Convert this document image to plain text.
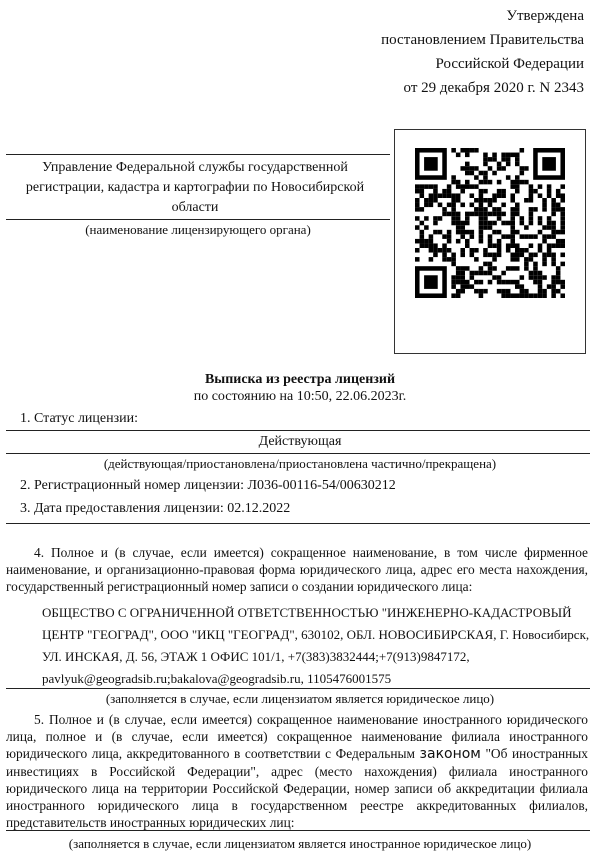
Утверждена
постановлением Правительства
Российской Федерации
от 29 декабря 2020 г. N 2343
Управление Федеральной службы государственной
регистрации, кадастра и картографии по Новосибирской
области
(наименование лицензирующего органа)
Выписка из реестра лицензий
по состоянию на 10:50, 22.06.2023г.
1. Статус лицензии:
Действующая
(действующая/приостановлена/приостановлена частично/прекращена)
2. Регистрационный номер лицензии: Л036-00116-54/00630212
3. Дата предоставления лицензии: 02.12.2022
4. Полное и (в случае, если имеется) сокращенное наименование, в том числе фирменное наименование, и организационно-правовая форма юридического лица, адрес его места нахождения, государственный регистрационный номер записи о создании юридического лица:
ОБЩЕСТВО С ОГРАНИЧЕННОЙ ОТВЕТСТВЕННОСТЬЮ "ИНЖЕНЕРНО-КАДАСТРОВЫЙ
ЦЕНТР "ГЕОГРАД", ООО "ИКЦ "ГЕОГРАД", 630102, ОБЛ. НОВОСИБИРСКАЯ, Г. Новосибирск,
УЛ. ИНСКАЯ, Д. 56, ЭТАЖ 1 ОФИС 101/1, +7(383)3832444;+7(913)9847172,
pavlyuk@geogradsib.ru;bakalova@geogradsib.ru, 1105476001575
(заполняется в случае, если лицензиатом является юридическое лицо)
5. Полное и (в случае, если имеется) сокращенное наименование иностранного юридического лица, полное и (в случае, если имеется) сокращенное наименование филиала иностранного юридического лица, аккредитованного в соответствии с Федеральным законом "Об иностранных инвестициях в Российской Федерации", адрес (место нахождения) филиала иностранного юридического лица на территории Российской Федерации, номер записи об аккредитации филиала иностранного юридического лица в государственном реестре аккредитованных филиалов, представительств иностранных юридических лиц:
(заполняется в случае, если лицензиатом является иностранное юридическое лицо)
